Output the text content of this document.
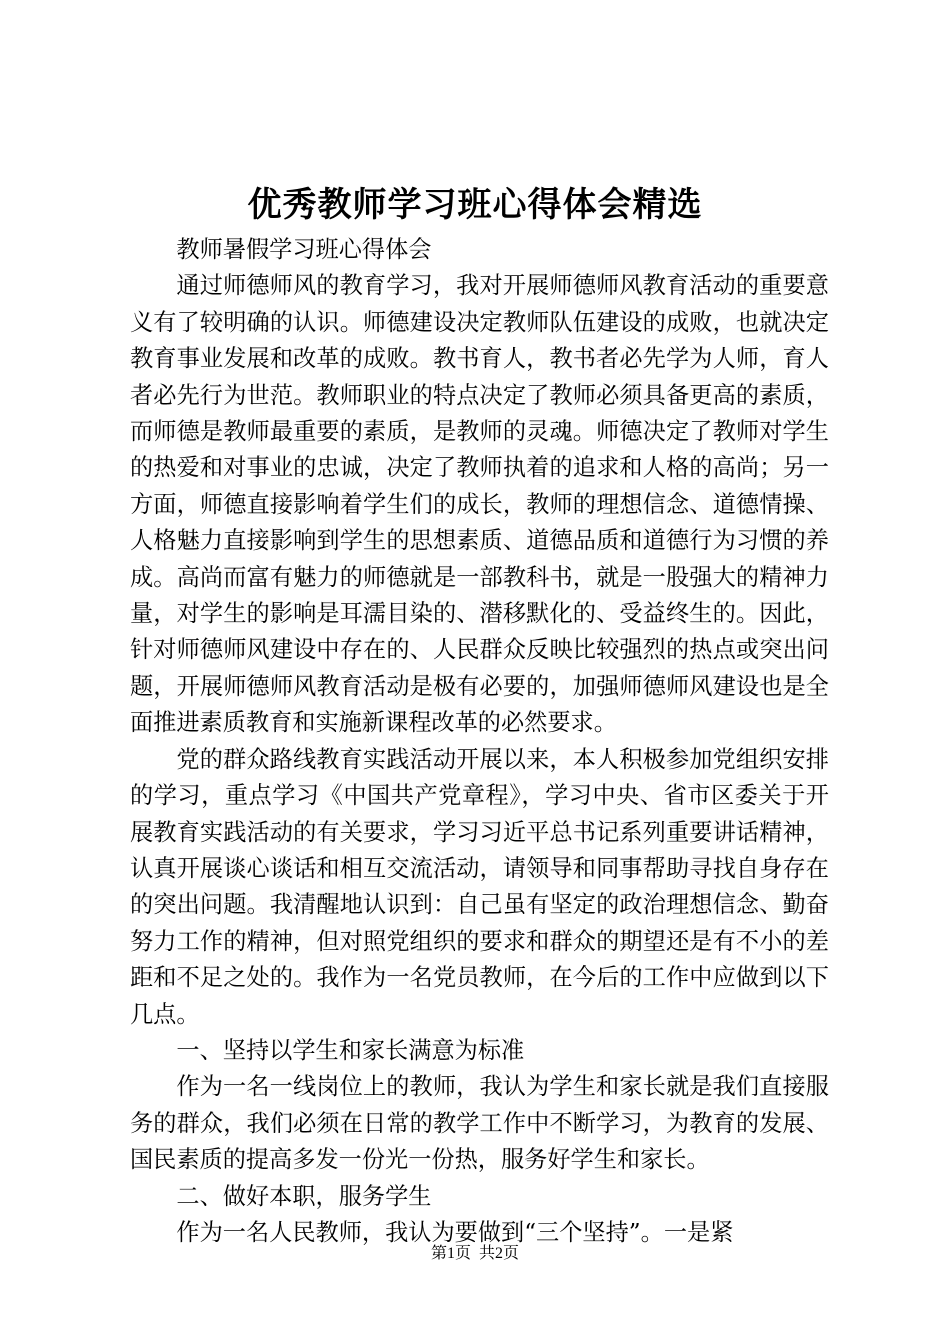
优秀教师学习班心得体会精选

教师暑假学习班心得体会

通过师德师风的教育学习，我对开展师德师风教育活动的重要意义有了较明确的认识。师德建设决定教师队伍建设的成败，也就决定教育事业发展和改革的成败。教书育人，教书者必先学为人师，育人者必先行为世范。教师职业的特点决定了教师必须具备更高的素质，而师德是教师最重要的素质，是教师的灵魂。师德决定了教师对学生的热爱和对事业的忠诚，决定了教师执着的追求和人格的高尚；另一方面，师德直接影响着学生们的成长，教师的理想信念、道德情操、人格魅力直接影响到学生的思想素质、道德品质和道德行为习惯的养成。高尚而富有魅力的师德就是一部教科书，就是一股强大的精神力量，对学生的影响是耳濡目染的、潜移默化的、受益终生的。因此，针对师德师风建设中存在的、人民群众反映比较强烈的热点或突出问题，开展师德师风教育活动是极有必要的，加强师德师风建设也是全面推进素质教育和实施新课程改革的必然要求。

党的群众路线教育实践活动开展以来，本人积极参加党组织安排的学习，重点学习《中国共产党章程》，学习中央、省市区委关于开展教育实践活动的有关要求，学习习近平总书记系列重要讲话精神，认真开展谈心谈话和相互交流活动，请领导和同事帮助寻找自身存在的突出问题。我清醒地认识到：自己虽有坚定的政治理想信念、勤奋努力工作的精神，但对照党组织的要求和群众的期望还是有不小的差距和不足之处的。我作为一名党员教师，在今后的工作中应做到以下几点。

一、坚持以学生和家长满意为标准

作为一名一线岗位上的教师，我认为学生和家长就是我们直接服务的群众，我们必须在日常的教学工作中不断学习，为教育的发展、国民素质的提高多发一份光一份热，服务好学生和家长。

二、做好本职，服务学生

作为一名人民教师，我认为要做到“三个坚持”。一是紧

第1页  共2页
